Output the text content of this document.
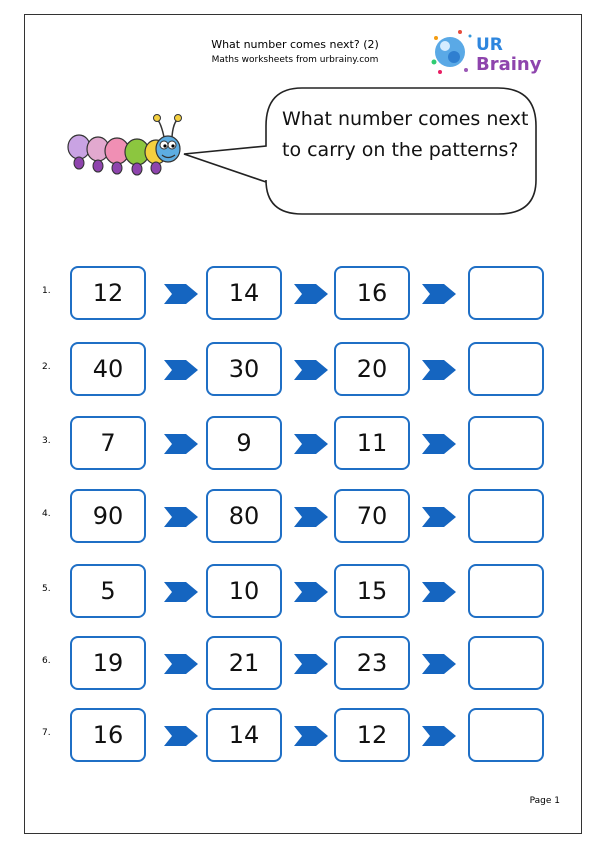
What number comes next? (2)
Maths worksheets from urbrainy.com
UR
Brainy
What number comes next to carry on the patterns?
1.	12	14	16
2.	40	30	20
3.	7	9	11
4.	90	80	70
5.	5	10	15
6.	19	21	23
7.	16	14	12
Page 1
